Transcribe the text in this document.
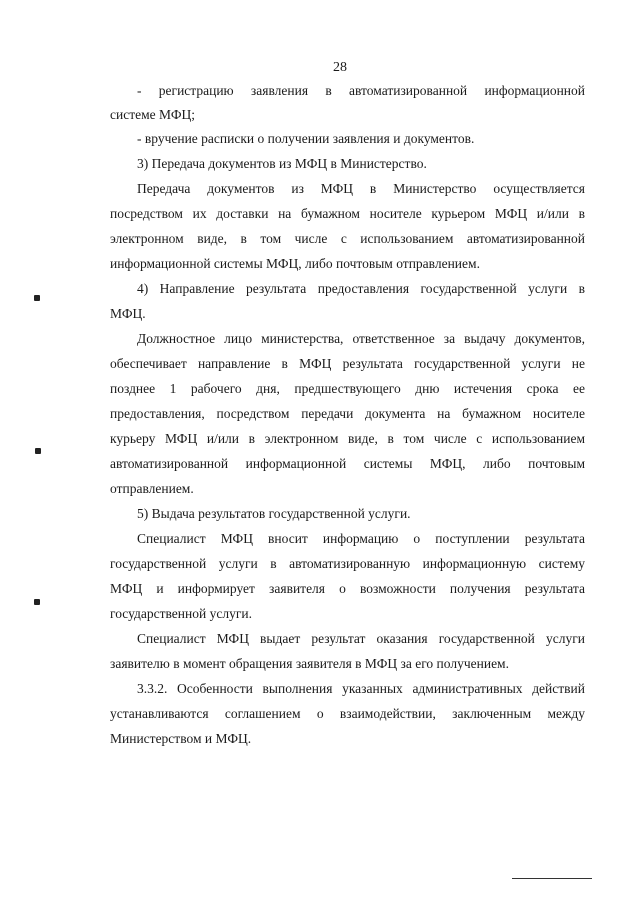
28
- регистрацию заявления в автоматизированной информационной
системе МФЦ;
- вручение расписки о получении заявления и документов.
3) Передача документов из МФЦ в Министерство.
Передача документов из МФЦ в Министерство осуществляется
посредством их доставки на бумажном носителе курьером МФЦ и/или в
электронном виде, в том числе с использованием автоматизированной
информационной системы МФЦ, либо почтовым отправлением.
4) Направление результата предоставления государственной услуги в
МФЦ.
Должностное лицо министерства, ответственное за выдачу документов,
обеспечивает направление в МФЦ результата государственной услуги не
позднее 1 рабочего дня, предшествующего дню истечения срока ее
предоставления, посредством передачи документа на бумажном носителе
курьеру МФЦ и/или в электронном виде, в том числе с использованием
автоматизированной информационной системы МФЦ, либо почтовым
отправлением.
5) Выдача результатов государственной услуги.
Специалист МФЦ вносит информацию о поступлении результата
государственной услуги в автоматизированную информационную систему
МФЦ и информирует заявителя о возможности получения результата
государственной услуги.
Специалист МФЦ выдает результат оказания государственной услуги
заявителю в момент обращения заявителя в МФЦ за его получением.
3.3.2. Особенности выполнения указанных административных действий
устанавливаются соглашением о взаимодействии, заключенным между
Министерством и МФЦ.
